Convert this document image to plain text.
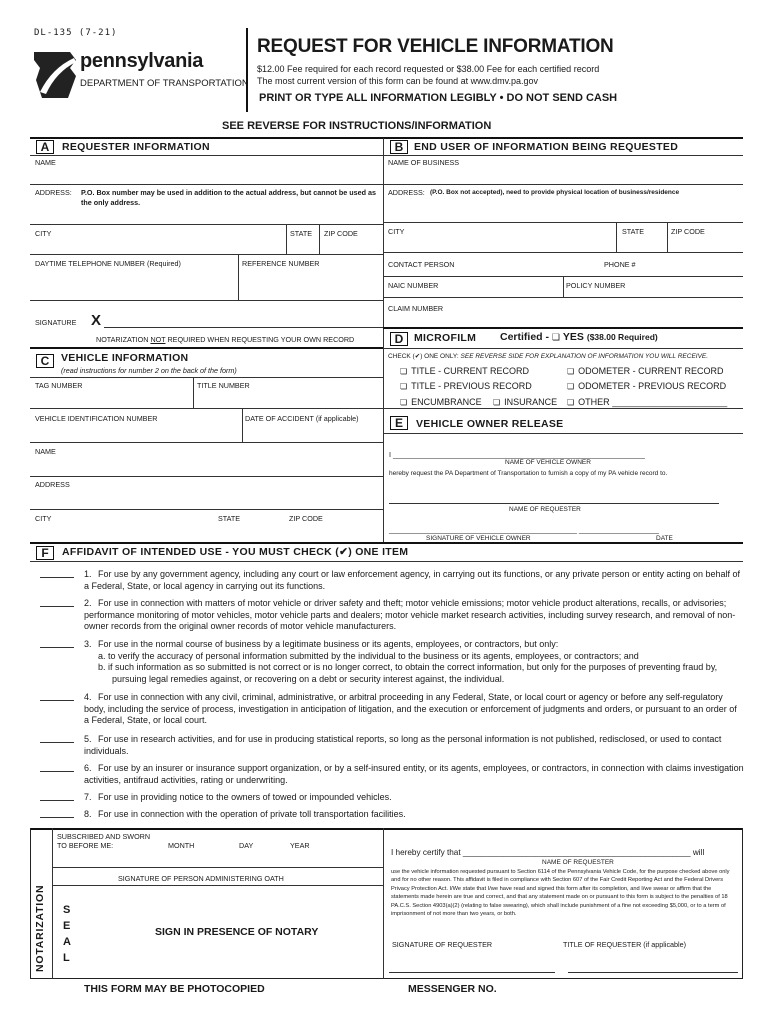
DL-135 (7-21)
pennsylvania
DEPARTMENT OF TRANSPORTATION
REQUEST FOR VEHICLE INFORMATION
$12.00 Fee required for each record requested or $38.00 Fee for each certified record
The most current version of this form can be found at www.dmv.pa.gov
PRINT OR TYPE ALL INFORMATION LEGIBLY • DO NOT SEND CASH
SEE REVERSE FOR INSTRUCTIONS/INFORMATION
A	REQUESTER INFORMATION	B	END USER OF INFORMATION BEING REQUESTED
NAME
ADDRESS: P.O. Box number may be used in addition to the actual address, but cannot be used as the only address.
CITY	STATE ZIP CODE
DAYTIME TELEPHONE NUMBER (Required)	REFERENCE NUMBER
SIGNATURE X
NOTARIZATION NOT REQUIRED WHEN REQUESTING YOUR OWN RECORD
NAME OF BUSINESS
ADDRESS: (P.O. Box not accepted), need to provide physical location of business/residence
CITY	STATE	ZIP CODE
CONTACT PERSON	PHONE #
NAIC NUMBER	POLICY NUMBER
CLAIM NUMBER
D	MICROFILM Certified - ❏ YES ($38.00 Required)
CHECK (✔) ONE ONLY: SEE REVERSE SIDE FOR EXPLANATION OF INFORMATION YOU WILL RECEIVE.
❏ TITLE - CURRENT RECORD	❏ ODOMETER - CURRENT RECORD
❏ TITLE - PREVIOUS RECORD	❏ ODOMETER - PREVIOUS RECORD
❏ ENCUMBRANCE	❏ INSURANCE	❏ OTHER _______________________
C	VEHICLE INFORMATION
(read instructions for number 2 on the back of the form)
TAG NUMBER	TITLE NUMBER
VEHICLE IDENTIFICATION NUMBER	DATE OF ACCIDENT (if applicable)
NAME
ADDRESS
CITY	STATE	ZIP CODE
E	VEHICLE OWNER RELEASE
I _______________________________________________________________
NAME OF VEHICLE OWNER
hereby request the PA Department of Transportation to furnish a copy of my PA vehicle record to.
NAME OF REQUESTER
_______________________________________________ ____________________
SIGNATURE OF VEHICLE OWNER	DATE
F	AFFIDAVIT OF INTENDED USE - YOU MUST CHECK (✔) ONE ITEM
1. For use by any government agency, including any court or law enforcement agency, in carrying out its functions, or any private person or entity acting on behalf of a Federal, State, or local agency in carrying out its functions.
2. For use in connection with matters of motor vehicle or driver safety and theft; motor vehicle emissions; motor vehicle product alterations, recalls, or advisories; performance monitoring of motor vehicles, motor vehicle parts and dealers; motor vehicle market research activities, including survey research, and removal of non-owner records from the original owner records of motor vehicle manufacturers.
3. For use in the normal course of business by a legitimate business or its agents, employees, or contractors, but only:
a. to verify the accuracy of personal information submitted by the individual to the business or its agents, employees, or contractors; and
b. if such information as so submitted is not correct or is no longer correct, to obtain the correct information, but only for the purposes of preventing fraud by, pursuing legal remedies against, or recovering on a debt or security interest against, the individual.
4. For use in connection with any civil, criminal, administrative, or arbitral proceeding in any Federal, State, or local court or agency or before any self-regulatory body, including the service of process, investigation in anticipation of litigation, and the execution or enforcement of judgments and orders, or pursuant to an order of a Federal, State, or local court.
5. For use in research activities, and for use in producing statistical reports, so long as the personal information is not published, redisclosed, or used to contact individuals.
6. For use by an insurer or insurance support organization, or by a self-insured entity, or its agents, employees, or contractors, in connection with claims investigation activities, antifraud activities, rating or underwriting.
7. For use in providing notice to the owners of towed or impounded vehicles.
8. For use in connection with the operation of private toll transportation facilities.
NOTARIZATION
SUBSCRIBED AND SWORN
TO BEFORE ME:	MONTH	DAY	YEAR
SIGNATURE OF PERSON ADMINISTERING OATH
S
E
A
L
SIGN IN PRESENCE OF NOTARY
I hereby certify that __________________________________________________ will
NAME OF REQUESTER
use the vehicle information requested pursuant to Section 6114 of the Pennsylvania Vehicle Code, for the purpose checked above only and for no other reason. This affidavit is filed in compliance with Section 607 of the Fair Credit Reporting Act and the Federal Drivers Privacy Protection Act. I/We state that I/we have read and signed this form after its completion, and I/we swear or affirm that the statements made herein are true and correct, and that any statement made on or pursuant to this form is subject to the penalties of 18 PA.C.S. Section 4903(a)(2) (relating to false swearing), which shall include punishment of a fine not exceeding $5,000, or to a term of imprisonment of not more than two years, or both.
SIGNATURE OF REQUESTER	TITLE OF REQUESTER (if applicable)
THIS FORM MAY BE PHOTOCOPIED	MESSENGER NO.
